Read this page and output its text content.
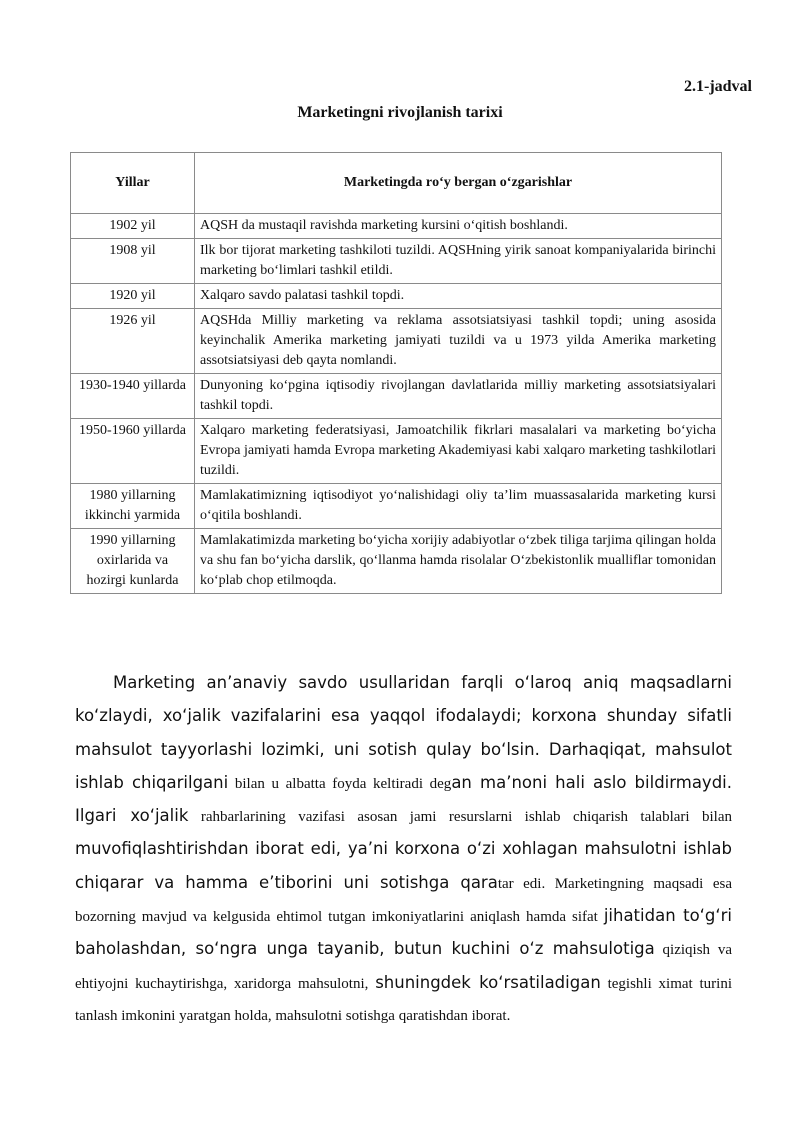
2.1-jadval
Marketingni rivojlanish tarixi
Yillar	Marketingda rо‘y bergan о‘zgarishlar
1902 yil	AQSH da mustaqil ravishda marketing kursini о‘qitish boshlandi.
1908 yil	Ilk bor tijorat marketing tashkiloti tuzildi. AQSHning yirik sanoat kompaniyalarida birinchi marketing bо‘limlari tashkil etildi.
1920 yil	Xalqaro savdo palatasi tashkil topdi.
1926 yil	AQSHda Milliy marketing va reklama assotsiatsiyasi tashkil topdi; uning asosida keyinchalik Amerika marketing jamiyati tuzildi va u 1973 yilda Amerika marketing assotsiatsiyasi deb qayta nomlandi.
1930-1940 yillarda	Dunyoning kо‘pgina iqtisodiy rivojlangan davlatlarida milliy marketing assotsiatsiyalari tashkil topdi.
1950-1960 yillarda	Xalqaro marketing federatsiyasi, Jamoatchilik fikrlari masalalari va marketing bо‘yicha Evropa jamiyati hamda Evropa marketing Akademiyasi kabi xalqaro marketing tashkilotlari tuzildi.
1980 yillarning ikkinchi yarmida	Mamlakatimizning iqtisodiyot yо‘nalishidagi oliy ta’lim muassasalarida marketing kursi о‘qitila boshlandi.
1990 yillarning oxirlarida va hozirgi kunlarda	Mamlakatimizda marketing bо‘yicha xorijiy adabiyotlar о‘zbek tiliga tarjima qilingan holda va shu fan bо‘yicha darslik, qо‘llanma hamda risolalar О‘zbekistonlik mualliflar tomonidan kо‘plab chop etilmoqda.

Marketing an’anaviy savdo usullaridan farqli o‘laroq aniq maqsadlarni ko‘zlaydi, xo‘jalik vazifalarini esa yaqqol ifodalaydi; korxona shunday sifatli mahsulot tayyorlashi lozimki, uni sotish qulay bo‘lsin. Darhaqiqat, mahsulot ishlab chiqarilgani bilan u albatta foyda keltiradi degan ma’noni hali aslo bildirmaydi. Ilgari xo‘jalik rahbarlarining vazifasi asosan jami resurslarni ishlab chiqarish talablari bilan muvofiqlashtirishdan iborat edi, ya’ni korxona o‘zi xohlagan mahsulotni ishlab chiqarar va hamma e’tiborini uni sotishga qaratar edi. Marketingning maqsadi esa bozorning mavjud va kelgusida ehtimol tutgan imkoniyatlarini aniqlash hamda sifat jihatidan to‘g‘ri baholashdan, so‘ngra unga tayanib, butun kuchini o‘z mahsulotiga qiziqish va ehtiyojni kuchaytirishga, xaridorga mahsulotni, shuningdek ko‘rsatiladigan tegishli ximat turini tanlash imkonini yaratgan holda, mahsulotni sotishga qaratishdan iborat.
